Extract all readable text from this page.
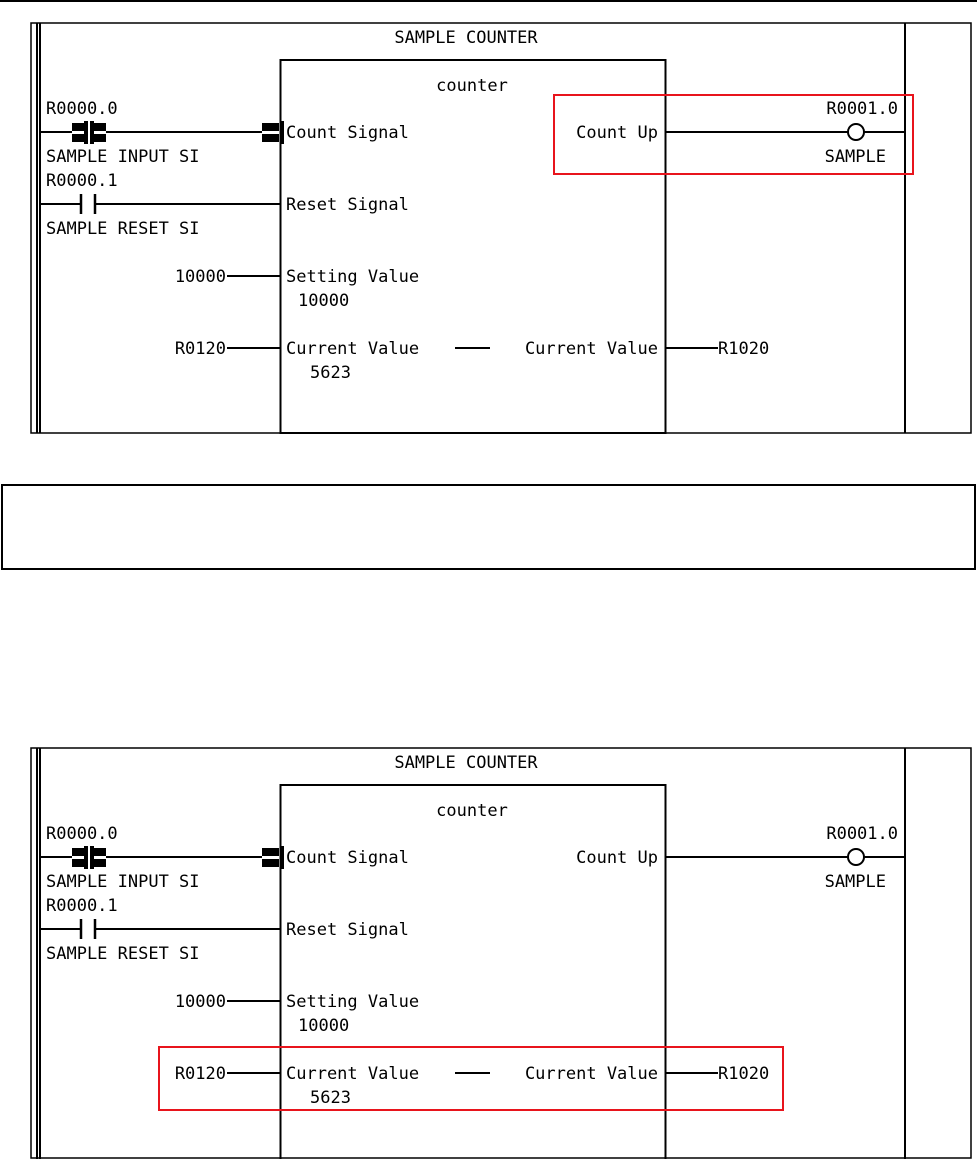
SAMPLE COUNTER
counter
R0000.0
Count Signal
SAMPLE INPUT SI
R0000.1
Reset Signal
SAMPLE RESET SI
10000	Setting Value
10000
R0120	Current Value	Current Value	R1020
5623
Count Up
R0001.0
SAMPLE
SAMPLE COUNTER
counter
R0000.0
Count Signal
SAMPLE INPUT SI
R0000.1
Reset Signal
SAMPLE RESET SI
10000	Setting Value
10000
R0120	Current Value	Current Value	R1020
5623
Count Up
R0001.0
SAMPLE
